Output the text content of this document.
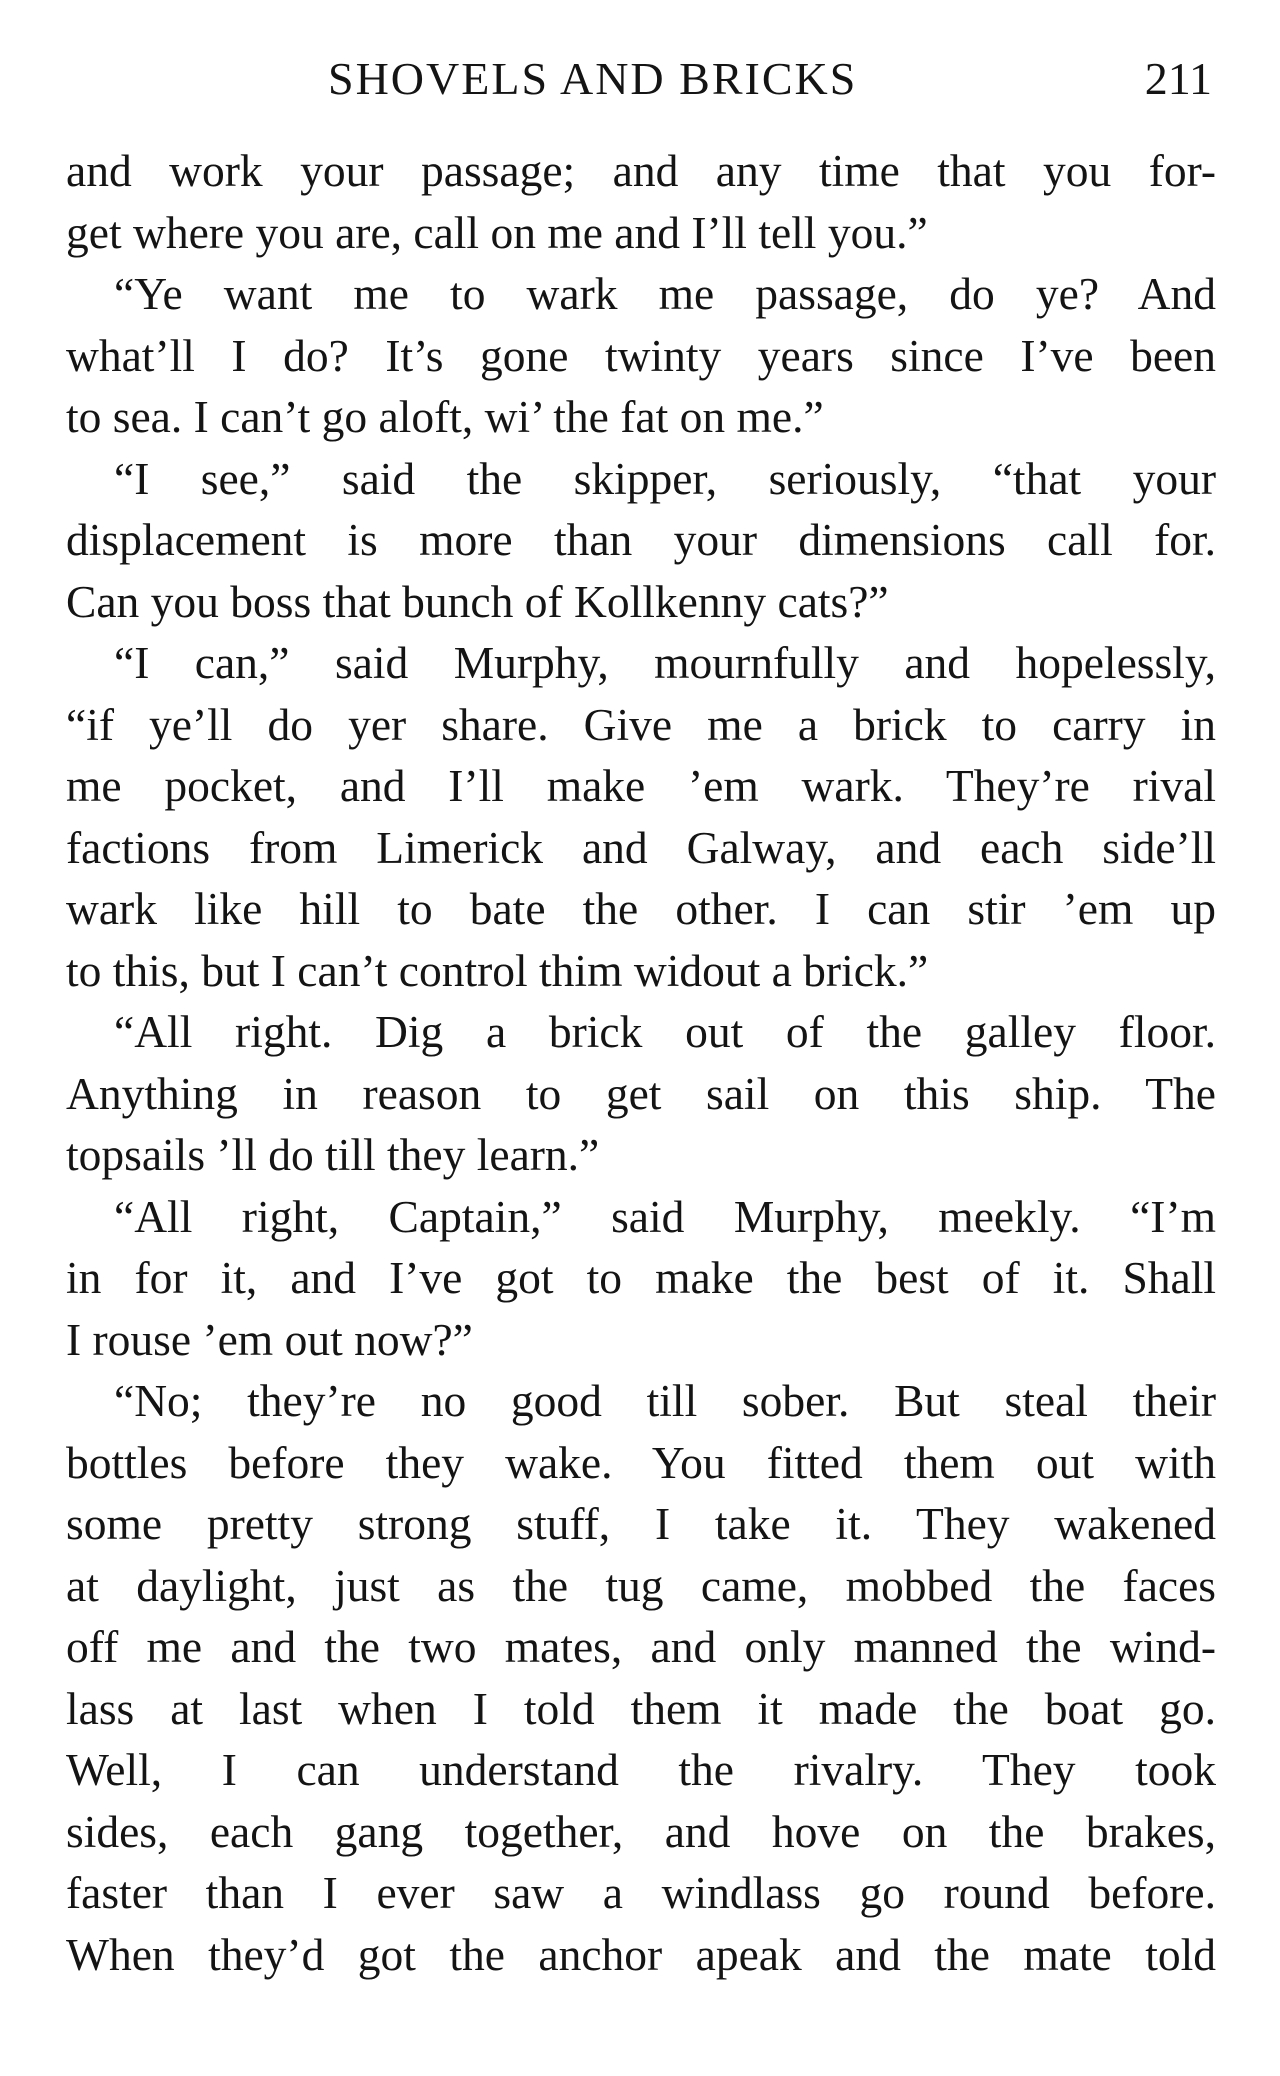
SHOVELS AND BRICKS	211
and work your passage; and any time that you for-
get where you are, call on me and I’ll tell you.”
“Ye want me to wark me passage, do ye? And
what’ll I do? It’s gone twinty years since I’ve been
to sea. I can’t go aloft, wi’ the fat on me.”
“I see,” said the skipper, seriously, “that your
displacement is more than your dimensions call for.
Can you boss that bunch of Kollkenny cats?”
“I can,” said Murphy, mournfully and hopelessly,
“if ye’ll do yer share. Give me a brick to carry in
me pocket, and I’ll make ’em wark. They’re rival
factions from Limerick and Galway, and each side’ll
wark like hill to bate the other. I can stir ’em up
to this, but I can’t control thim widout a brick.”
“All right. Dig a brick out of the galley floor.
Anything in reason to get sail on this ship. The
topsails ’ll do till they learn.”
“All right, Captain,” said Murphy, meekly. “I’m
in for it, and I’ve got to make the best of it. Shall
I rouse ’em out now?”
“No; they’re no good till sober. But steal their
bottles before they wake. You fitted them out with
some pretty strong stuff, I take it. They wakened
at daylight, just as the tug came, mobbed the faces
off me and the two mates, and only manned the wind-
lass at last when I told them it made the boat go.
Well, I can understand the rivalry. They took
sides, each gang together, and hove on the brakes,
faster than I ever saw a windlass go round before.
When they’d got the anchor apeak and the mate told
